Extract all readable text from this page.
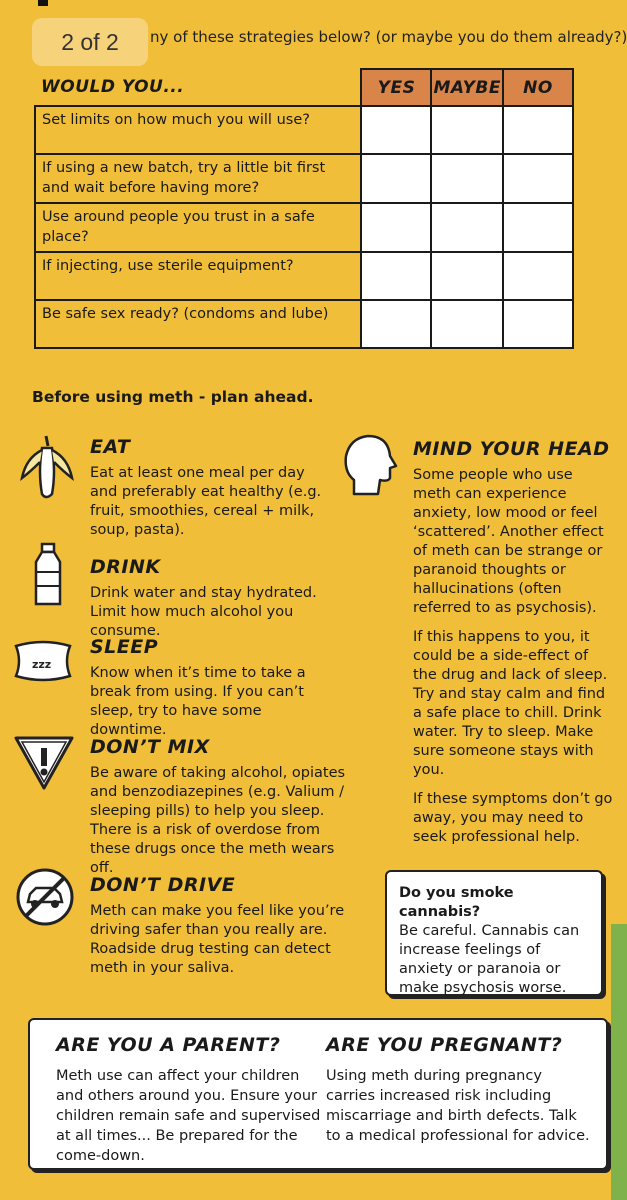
2 of 2	ny of these strategies below? (or maybe you do them already?)
WOULD YOU...	YES	MAYBE	NO
Set limits on how much you will use?			
If using a new batch, try a little bit first and wait before having more?			
Use around people you trust in a safe place?			
If injecting, use sterile equipment?			
Be safe sex ready? (condoms and lube)			
Before using meth - plan ahead.
EAT
Eat at least one meal per day and preferably eat healthy (e.g. fruit, smoothies, cereal + milk, soup, pasta).
DRINK
Drink water and stay hydrated. Limit how much alcohol you consume.
zzz
SLEEP
Know when it’s time to take a break from using. If you can’t sleep, try to have some downtime.
DON’T MIX
Be aware of taking alcohol, opiates and benzodiazepines (e.g. Valium / sleeping pills) to help you sleep. There is a risk of overdose from these drugs once the meth wears off.
DON’T DRIVE
Meth can make you feel like you’re driving safer than you really are. Roadside drug testing can detect meth in your saliva.
MIND YOUR HEAD
Some people who use meth can experience anxiety, low mood or feel ‘scattered’. Another effect of meth can be strange or paranoid thoughts or hallucinations (often referred to as psychosis).
If this happens to you, it could be a side-effect of the drug and lack of sleep. Try and stay calm and find a safe place to chill. Drink water. Try to sleep. Make sure someone stays with you.
If these symptoms don’t go away, you may need to seek professional help.
Do you smoke cannabis?
Be careful. Cannabis can increase feelings of anxiety or paranoia or make psychosis worse.
ARE YOU A PARENT?
Meth use can affect your children and others around you. Ensure your children remain safe and supervised at all times... Be prepared for the come-down.
ARE YOU PREGNANT?
Using meth during pregnancy carries increased risk including miscarriage and birth defects. Talk to a medical professional for advice.
